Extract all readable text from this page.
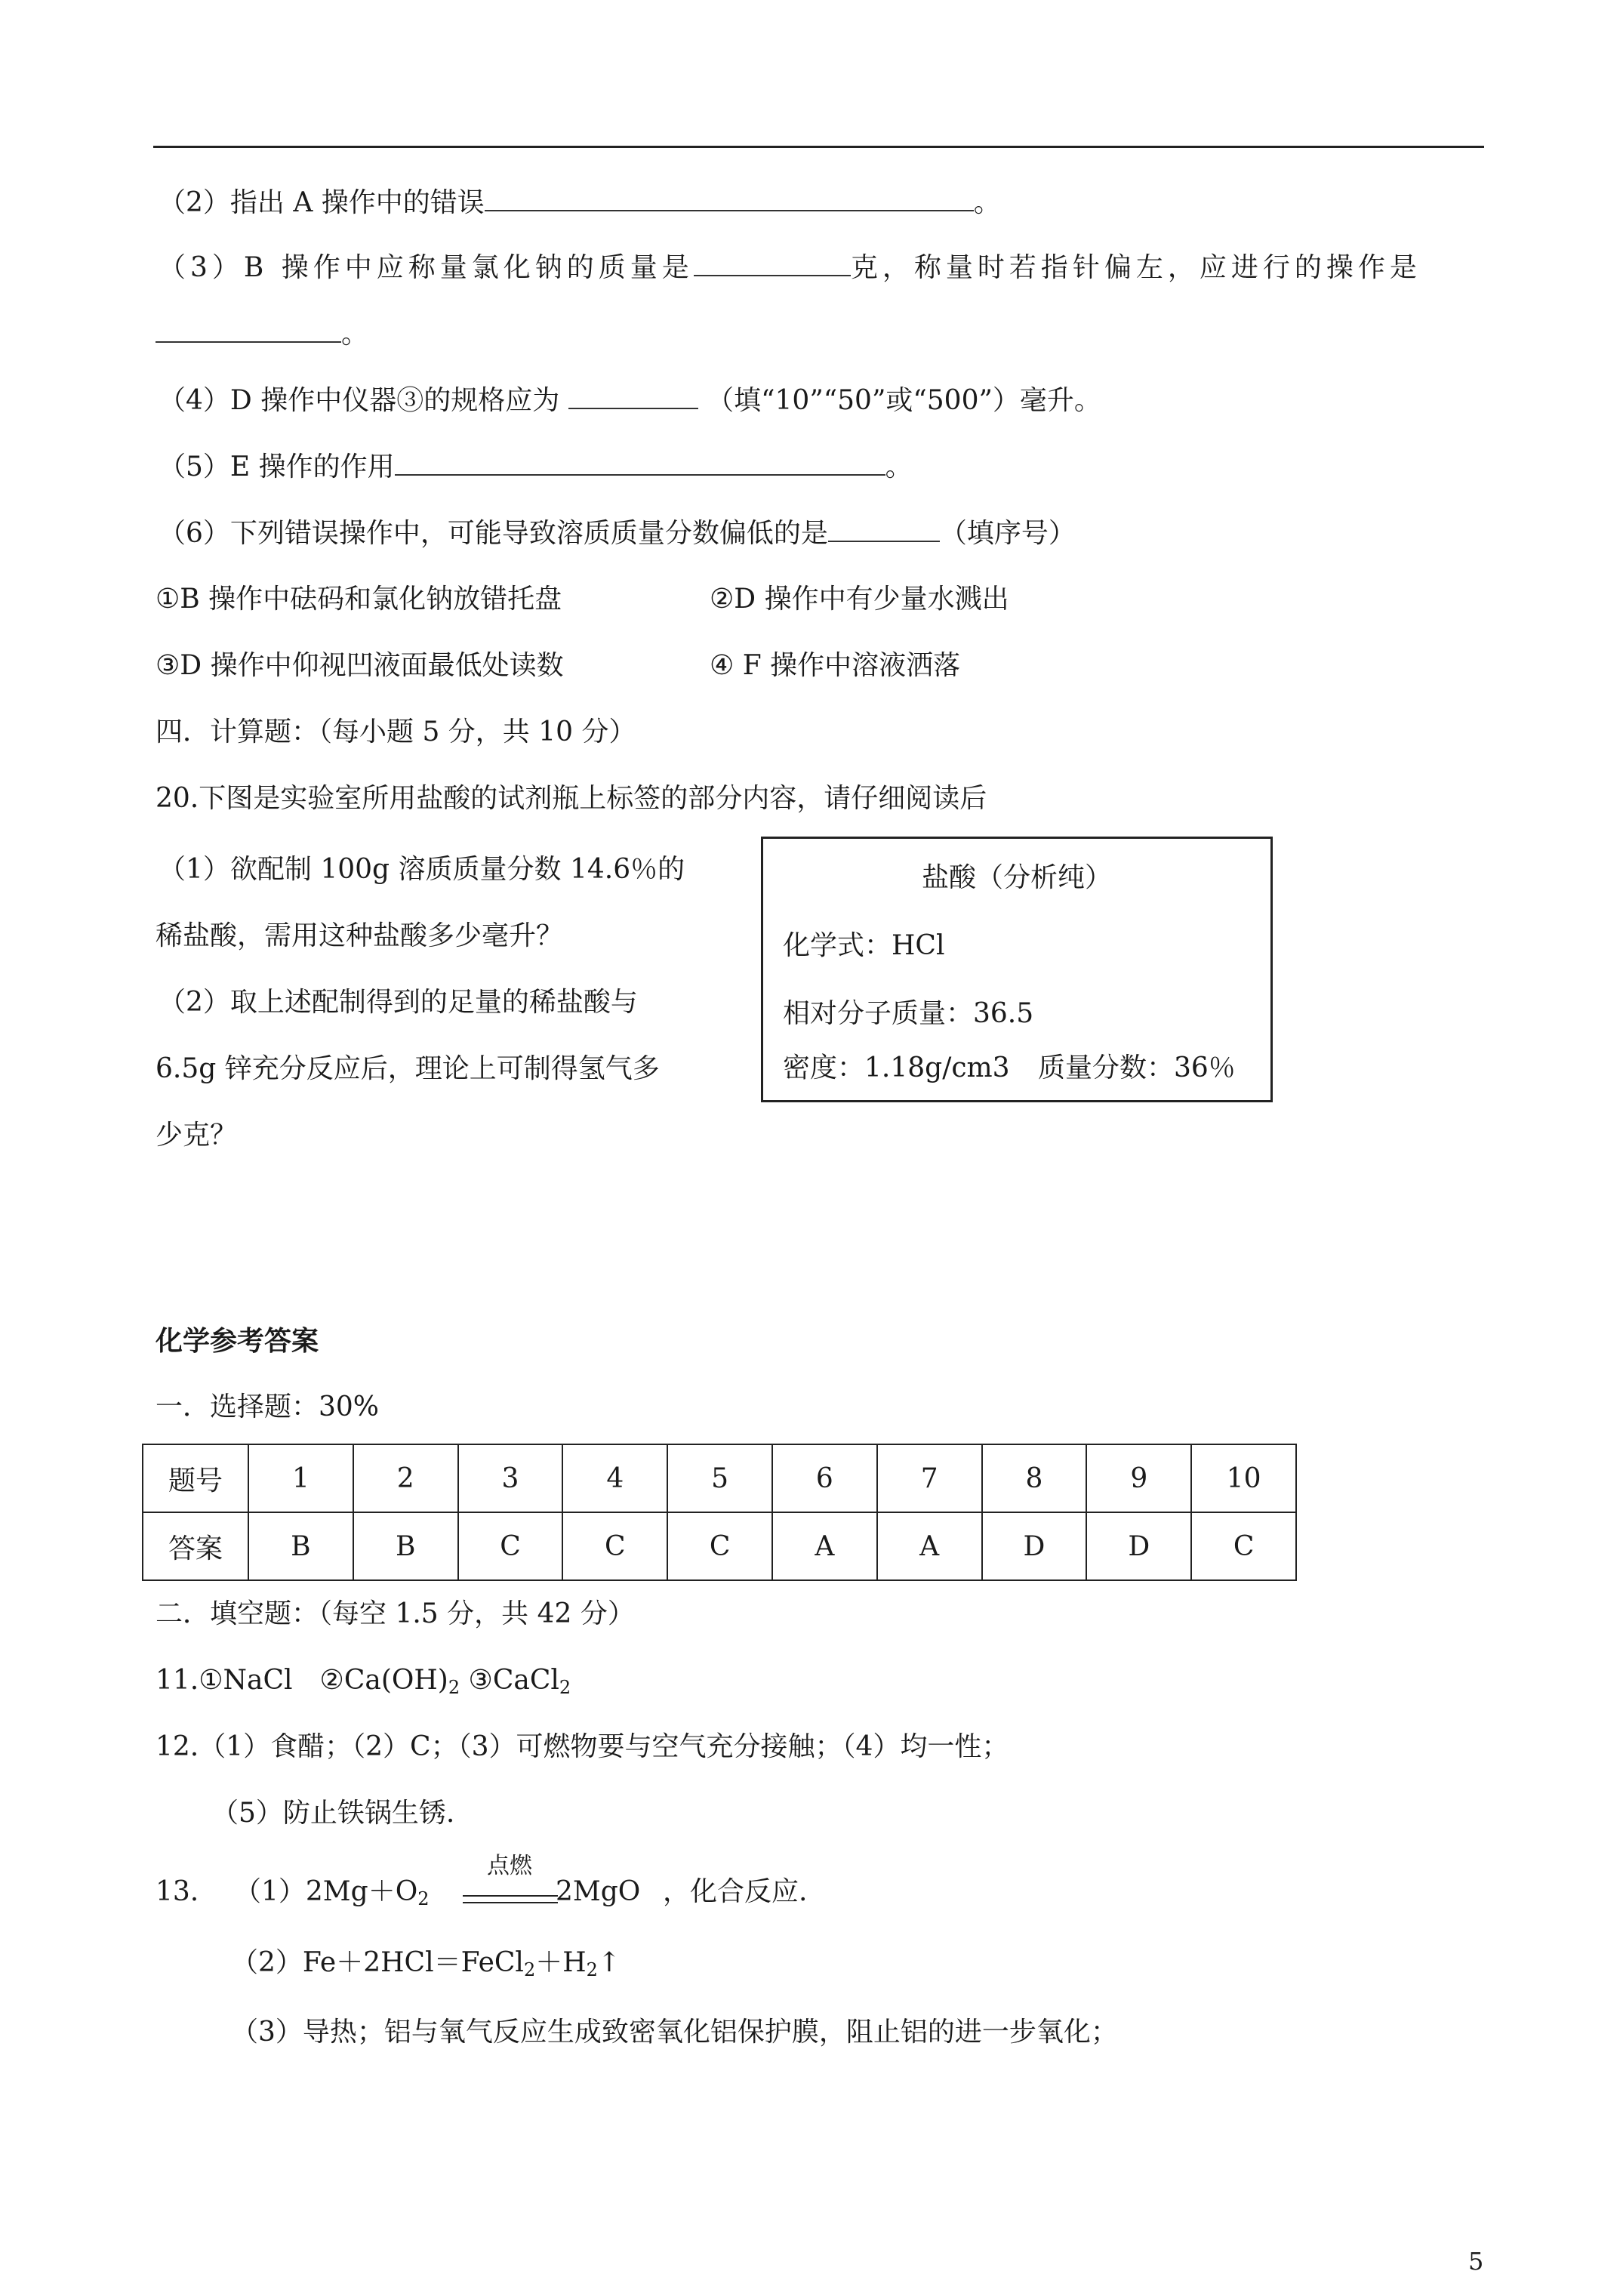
（2）指出 A 操作中的错误	。
（3）B 操作中应称量氯化钠的质量是	克，称量时若指针偏左，应进行的操作是
。
（4）D 操作中仪器③的规格应为	（填“10”“50”或“500”）毫升。
（5）E 操作的作用	。
（6）下列错误操作中，可能导致溶质质量分数偏低的是	（填序号）
①B 操作中砝码和氯化钠放错托盘	②D 操作中有少量水溅出
③D 操作中仰视凹液面最低处读数	④ F 操作中溶液洒落
四．计算题：（每小题 5 分，共 10 分）
20.下图是实验室所用盐酸的试剂瓶上标签的部分内容，请仔细阅读后
（1）欲配制 100g 溶质质量分数 14.6％的
稀盐酸，需用这种盐酸多少毫升？
（2）取上述配制得到的足量的稀盐酸与
6.5g 锌充分反应后，理论上可制得氢气多
少克？
盐酸（分析纯）
化学式：HCl
相对分子质量：36.5
密度：1.18g/cm3 质量分数：36％
化学参考答案
一．选择题：30%
题号	1	2	3	4	5	6	7	8	9	10
答案	B	B	C	C	C	A	A	D	D	C
二．填空题：（每空 1.5 分，共 42 分）
11.①NaCl　$②Ca(OH)_2$ ③CaCl$_2$
12.（1）食醋；（2）C；（3）可燃物要与空气充分接触；（4）均一性；
（5）防止铁锅生锈.
点燃
13. $(1)2Mg+O_2$	2MgO ，化合反应.
$(2)Fe+2HCl=FeCl_2+H_2↑$
（3）导热；铝与氧气反应生成致密氧化铝保护膜，阻止铝的进一步氧化；
5
